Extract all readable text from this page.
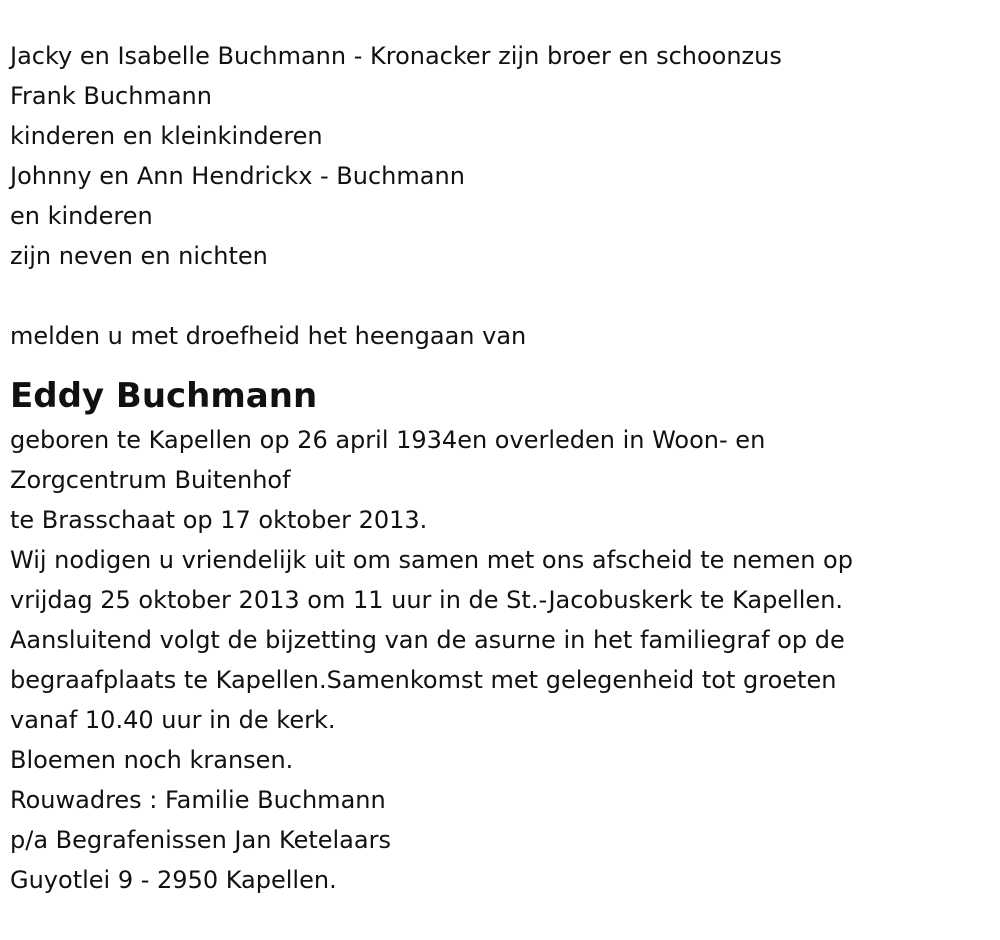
Jacky en Isabelle Buchmann - Kronacker zijn broer en schoonzus
Frank Buchmann
kinderen en kleinkinderen
Johnny en Ann Hendrickx - Buchmann
en kinderen
zijn neven en nichten
melden u met droefheid het heengaan van
Eddy Buchmann
geboren te Kapellen op 26 april 1934en overleden in Woon- en
Zorgcentrum Buitenhof
te Brasschaat op 17 oktober 2013.
Wij nodigen u vriendelijk uit om samen met ons afscheid te nemen op
vrijdag 25 oktober 2013 om 11 uur in de St.-Jacobuskerk te Kapellen.
Aansluitend volgt de bijzetting van de asurne in het familiegraf op de
begraafplaats te Kapellen.Samenkomst met gelegenheid tot groeten
vanaf 10.40 uur in de kerk.
Bloemen noch kransen.
Rouwadres : Familie Buchmann
p/a Begrafenissen Jan Ketelaars
Guyotlei 9 - 2950 Kapellen.
